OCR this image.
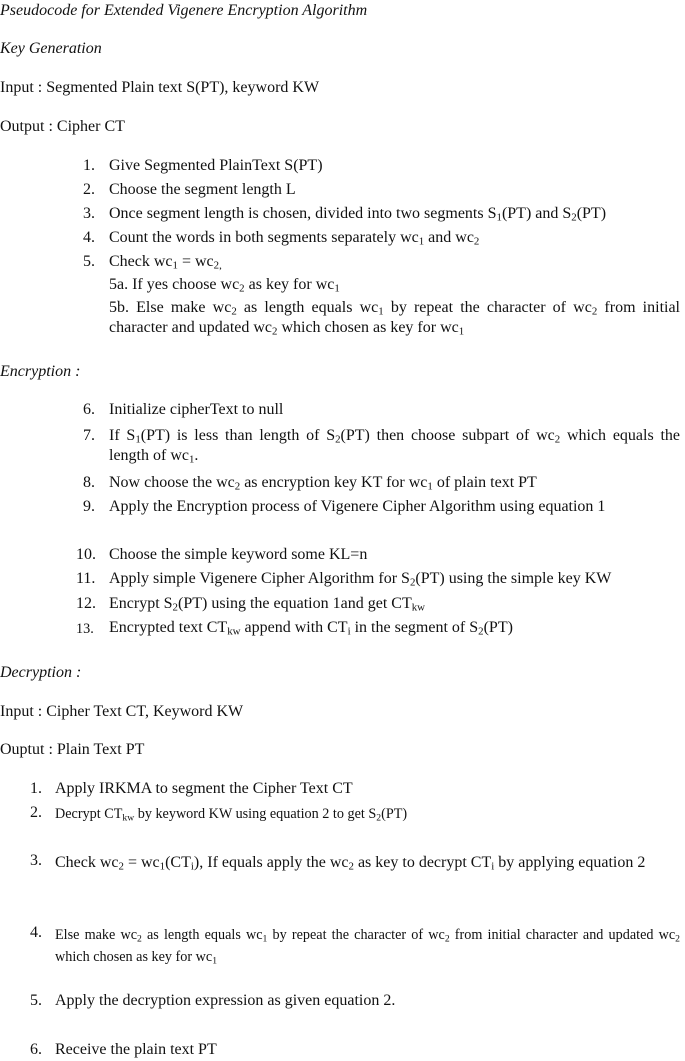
Pseudocode for Extended Vigenere Encryption Algorithm
Key Generation
Input : Segmented Plain text S(PT), keyword KW
Output : Cipher CT
1. Give Segmented PlainText S(PT)
2. Choose the segment length L
3. Once segment length is chosen, divided into two segments $S_1(PT)$ and $S_2(PT)$
4. Count the words in both segments separately $wc_1$ and $wc_2$
5. Check $wc_1 = wc_{2,}$
5a. If yes choose $wc_2$ as key for $wc_1$
5b. Else make $wc_2$ as length equals $wc_1$ by repeat the character of $wc_2$ from initial character and updated $wc_2$ which chosen as key for $wc_1$
Encryption :
6. Initialize cipherText to null
7. If $S_1(PT)$ is less than length of $S_2(PT)$ then choose subpart of $wc_2$ which equals the length of $wc_1$.
8. Now choose the $wc_2$ as encryption key KT for $wc_1$ of plain text PT
9. Apply the Encryption process of Vigenere Cipher Algorithm using equation 1
10. Choose the simple keyword some KL=n
11. Apply simple Vigenere Cipher Algorithm for $S_2(PT)$ using the simple key KW
12. Encrypt $S_2(PT)$ using the equation 1and get $CT_{kw}$
13. Encrypted text $CT_{kw}$ append with $CT_i$ in the segment of $S_2(PT)$
Decryption :
Input : Cipher Text CT, Keyword KW
Ouptut : Plain Text PT
1. Apply IRKMA to segment the Cipher Text CT
2. Decrypt $CT_{kw}$ by keyword KW using equation 2 to get $S_2(PT)$
3. Check $wc_2 = wc_1(CT_i)$, If equals apply the $wc_2$ as key to decrypt $CT_i$ by applying equation 2
4. Else make $wc_2$ as length equals $wc_1$ by repeat the character of $wc_2$ from initial character and updated $wc_2$ which chosen as key for $wc_1$
5. Apply the decryption expression as given equation 2.
6. Receive the plain text PT
